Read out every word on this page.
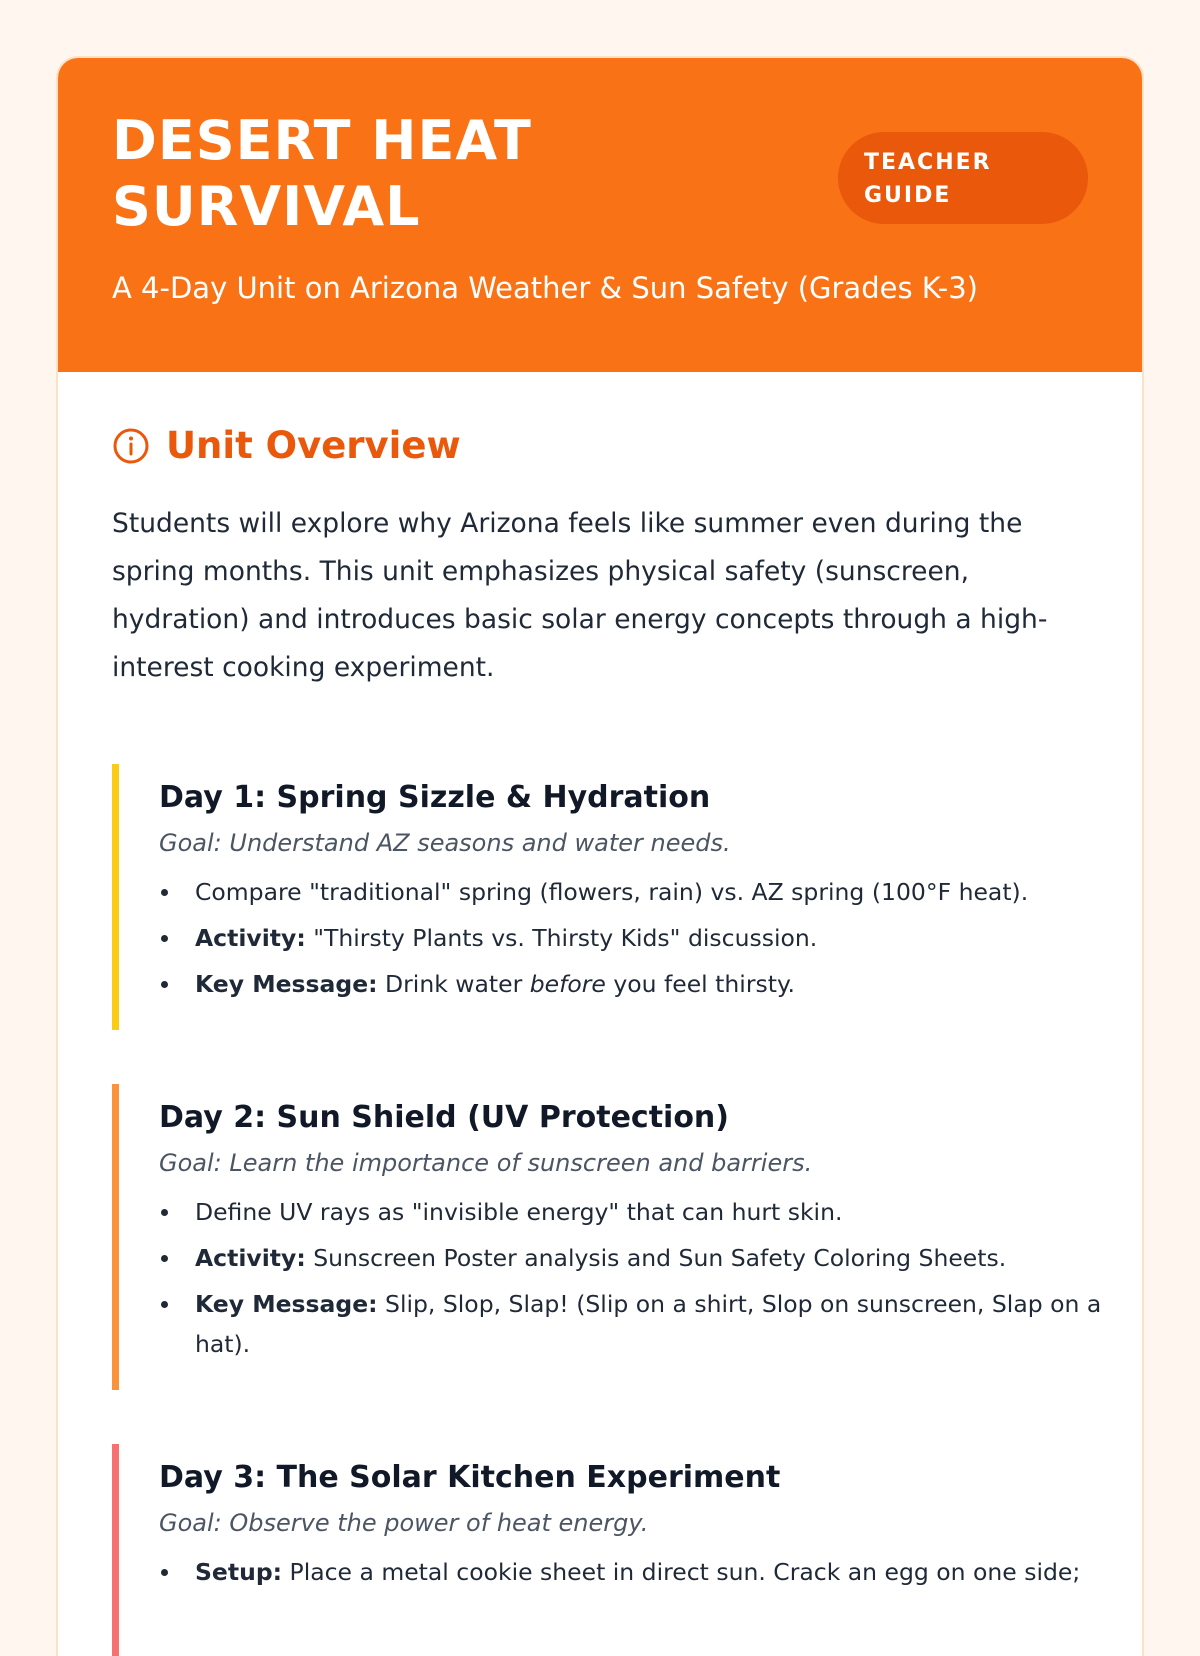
DESERT HEAT SURVIVAL
TEACHER
GUIDE
A 4-Day Unit on Arizona Weather & Sun Safety (Grades K-3)
Unit Overview

Students will explore why Arizona feels like summer even during the spring months. This unit emphasizes physical safety (sunscreen, hydration) and introduces basic solar energy concepts through a high-interest cooking experiment.

Day 1: Spring Sizzle & Hydration
Goal: Understand AZ seasons and water needs.
Compare "traditional" spring (flowers, rain) vs. AZ spring (100°F heat).
Activity: "Thirsty Plants vs. Thirsty Kids" discussion.
Key Message: Drink water before you feel thirsty.
Day 2: Sun Shield (UV Protection)
Goal: Learn the importance of sunscreen and barriers.
Define UV rays as "invisible energy" that can hurt skin.
Activity: Sunscreen Poster analysis and Sun Safety Coloring Sheets.
Key Message: Slip, Slop, Slap! (Slip on a shirt, Slop on sunscreen, Slap on a hat).
Day 3: The Solar Kitchen Experiment
Goal: Observe the power of heat energy.
Setup: Place a metal cookie sheet in direct sun. Crack an egg on one side;
